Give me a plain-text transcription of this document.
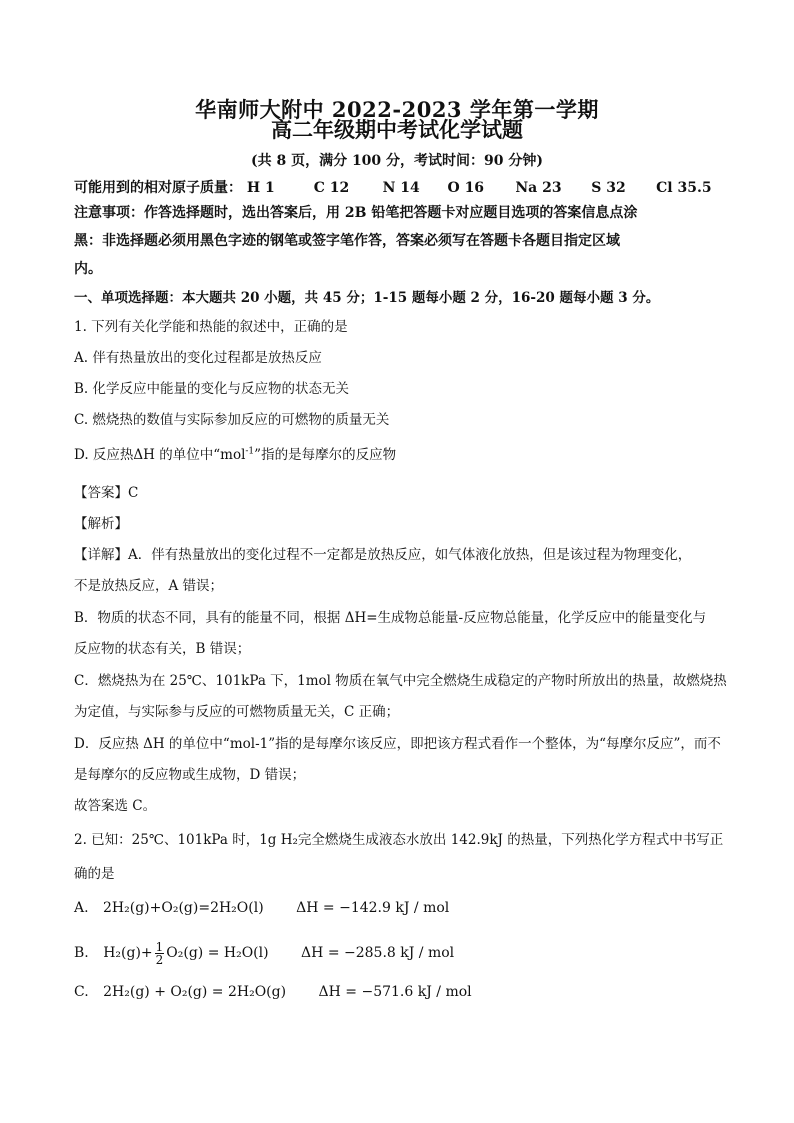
华南师大附中 2022-2023 学年第一学期
高二年级期中考试化学试题
(共 8 页，满分 100 分，考试时间：90 分钟)
可能用到的相对原子质量： H 1	C 12 N 14 O 16 Na 23 S 32 Cl 35.5
注意事项：作答选择题时，选出答案后，用 2B 铅笔把答题卡对应题目选项的答案信息点涂
黑：非选择题必须用黑色字迹的钢笔或签字笔作答，答案必须写在答题卡各题目指定区域
内。
一、单项选择题：本大题共 20 小题，共 45 分；1-15 题每小题 2 分，16-20 题每小题 3 分。
1. 下列有关化学能和热能的叙述中，正确的是
A. 伴有热量放出的变化过程都是放热反应
B. 化学反应中能量的变化与反应物的状态无关
C. 燃烧热的数值与实际参加反应的可燃物的质量无关
D. 反应热ΔH 的单位中“mol$^{-1}$”指的是每摩尔的反应物
【答案】C
【解析】
【详解】A．伴有热量放出的变化过程不一定都是放热反应，如气体液化放热，但是该过程为物理变化，
不是放热反应，A 错误；
B．物质的状态不同，具有的能量不同，根据 ΔH=生成物总能量-反应物总能量，化学反应中的能量变化与
反应物的状态有关，B 错误；
C．燃烧热为在 25℃、101kPa 下，1mol 物质在氧气中完全燃烧生成稳定的产物时所放出的热量，故燃烧热
为定值，与实际参与反应的可燃物质量无关，C 正确；
D．反应热 ΔH 的单位中“mol-1”指的是每摩尔该反应，即把该方程式看作一个整体，为“每摩尔反应”，而不
是每摩尔的反应物或生成物，D 错误；
故答案选 C。
2. 已知：25℃、101kPa 时，1g H₂完全燃烧生成液态水放出 142.9kJ 的热量，下列热化学方程式中书写正
确的是
A. 2H₂(g)+O₂(g)=2H₂O(l) ΔH = −142.9 kJ / mol
B. $H_2(g)+ \frac{1}{2} O_2(g) = H_2O(l) \Delta H = -285.8$ kJ / mol
C. 2H₂(g) + O₂(g) = 2H₂O(g) ΔH = −571.6 kJ / mol
